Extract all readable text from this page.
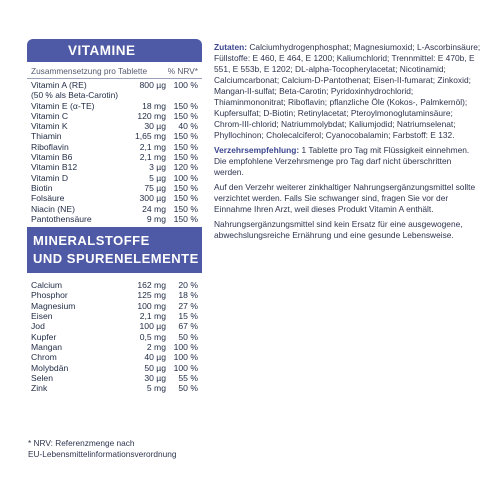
VITAMINE
Zusammensetzung pro Tablette % NRV*
Vitamin A (RE)	800 µg 100 %
(50 % als Beta-Carotin)
Vitamin E (α-TE)	18 mg 150 %
Vitamin C	120 mg 150 %
Vitamin K	30 µg	40 %
Thiamin	1,65 mg 150 %
Riboflavin	2,1 mg 150 %
Vitamin B6	2,1 mg 150 %
Vitamin B12	3 µg 120 %
Vitamin D	5 µg 100 %
Biotin	75 µg 150 %
Folsäure	300 µg 150 %
Niacin (NE)	24 mg 150 %
Pantothensäure	9 mg 150 %
MINERALSTOFFE
UND SPURENELEMENTE
Calcium	162 mg	20 %
Phosphor	125 mg	18 %
Magnesium	100 mg	27 %
Eisen	2,1 mg	15 %
Jod	100 µg	67 %
Kupfer	0,5 mg	50 %
Mangan	2 mg 100 %
Chrom	40 µg 100 %
Molybdän	50 µg 100 %
Selen	30 µg	55 %
Zink	5 mg	50 %
* NRV: Referenzmenge nach
EU-Lebensmittelinformationsverordnung

Zutaten: Calciumhydrogenphosphat; Magnesiumoxid; L-Ascorbinsäure; Füllstoffe: E 460, E 464, E 1200; Kaliumchlorid; Trennmittel: E 470b, E 551, E 553b, E 1202; DL-alpha-Tocopherylacetat; Nicotinamid; Calciumcarbonat; Calcium-D-Pantothenat; Eisen-II-fumarat; Zinkoxid; Mangan-II-sulfat; Beta-Carotin; Pyridoxinhydrochlorid; Thiaminmononitrat; Riboflavin; pflanzliche Öle (Kokos-, Palmkernöl); Kupfersulfat; D-Biotin; Retinylacetat; Pteroylmonoglutaminsäure; Chrom-III-chlorid; Natriummolybdat; Kaliumjodid; Natriumselenat; Phyllochinon; Cholecalciferol; Cyanocobalamin; Farbstoff: E 132.

Verzehrsempfehlung: 1 Tablette pro Tag mit Flüssigkeit einnehmen. Die empfohlene Verzehrsmenge pro Tag darf nicht überschritten werden.

Auf den Verzehr weiterer zinkhaltiger Nahrungsergänzungsmittel sollte verzichtet werden. Falls Sie schwanger sind, fragen Sie vor der Einnahme Ihren Arzt, weil dieses Produkt Vitamin A enthält.

Nahrungsergänzungsmittel sind kein Ersatz für eine ausgewogene, abwechslungsreiche Ernährung und eine gesunde Lebensweise.
